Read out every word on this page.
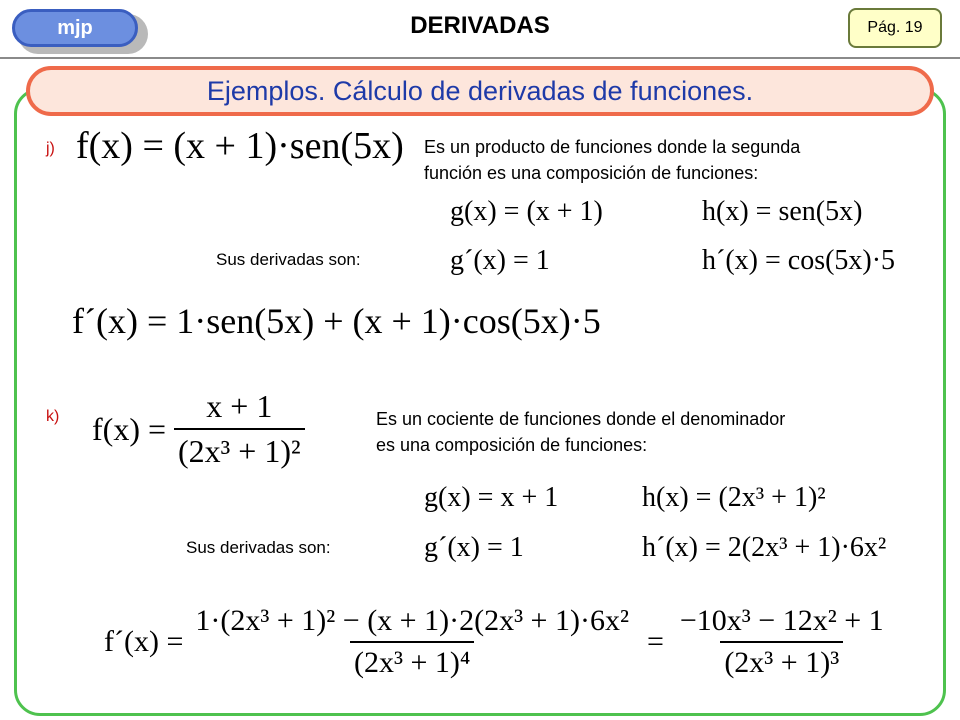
mjp	DERIVADAS	Pág. 19
Ejemplos. Cálculo de derivadas de funciones.
j) f(x) = (x + 1)·sen(5x) Es un producto de funciones donde la segunda
función es una composición de funciones:
g(x) = (x + 1)	h(x) = sen(5x)
Sus derivadas son:	g´(x) = 1	h´(x) = cos(5x)·5
f´(x) = 1·sen(5x) + (x + 1)·cos(5x)·5
k) $f(x) = \frac{x + 1}{\text{(2x³ + 1)²}}$	Es un cociente de funciones donde el denominador
es una composición de funciones:
g(x) = x + 1	h(x) = (2x³ + 1)²
Sus derivadas son:	g´(x) = 1	h´(x) = 2(2x³ + 1)·6x²
f´(x) = $\frac{\text{1·(2x³ + 1)² − (x + 1)·2(2x³ + 1)·6x²}}{\text{(2x³ + 1)⁴}} = \frac{\text{−10x³ − 12x² + 1}}{\text{(2x³ + 1)³}}$
